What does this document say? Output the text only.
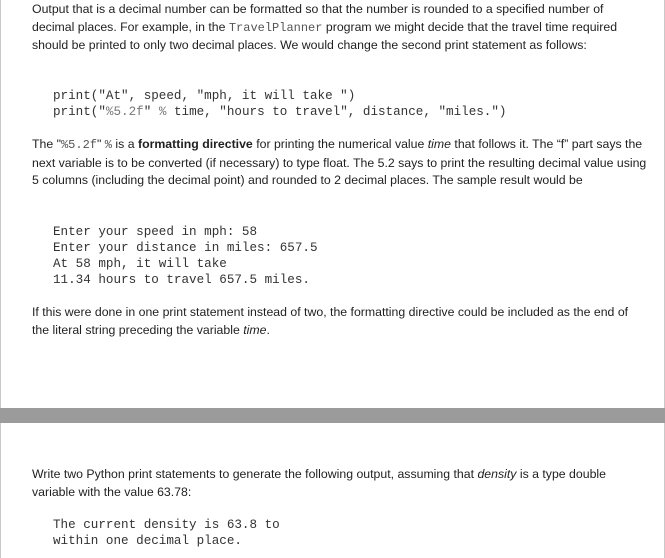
Output that is a decimal number can be formatted so that the number is rounded to a specified number of decimal places. For example, in the TravelPlanner program we might decide that the travel time required should be printed to only two decimal places. We would change the second print statement as follows:

print("At", speed, "mph, it will take ")
print("%5.2f" % time, "hours to travel", distance, "miles.")

The "%5.2f" % is a formatting directive for printing the numerical value time that follows it. The “f” part says the next variable is to be converted (if necessary) to type float. The 5.2 says to print the resulting decimal value using 5 columns (including the decimal point) and rounded to 2 decimal places. The sample result would be

Enter your speed in mph: 58
Enter your distance in miles: 657.5
At 58 mph, it will take
11.34 hours to travel 657.5 miles.

If this were done in one print statement instead of two, the formatting directive could be included as the end of the literal string preceding the variable time.

Write two Python print statements to generate the following output, assuming that density is a type double variable with the value 63.78:

The current density is 63.8 to
within one decimal place.
